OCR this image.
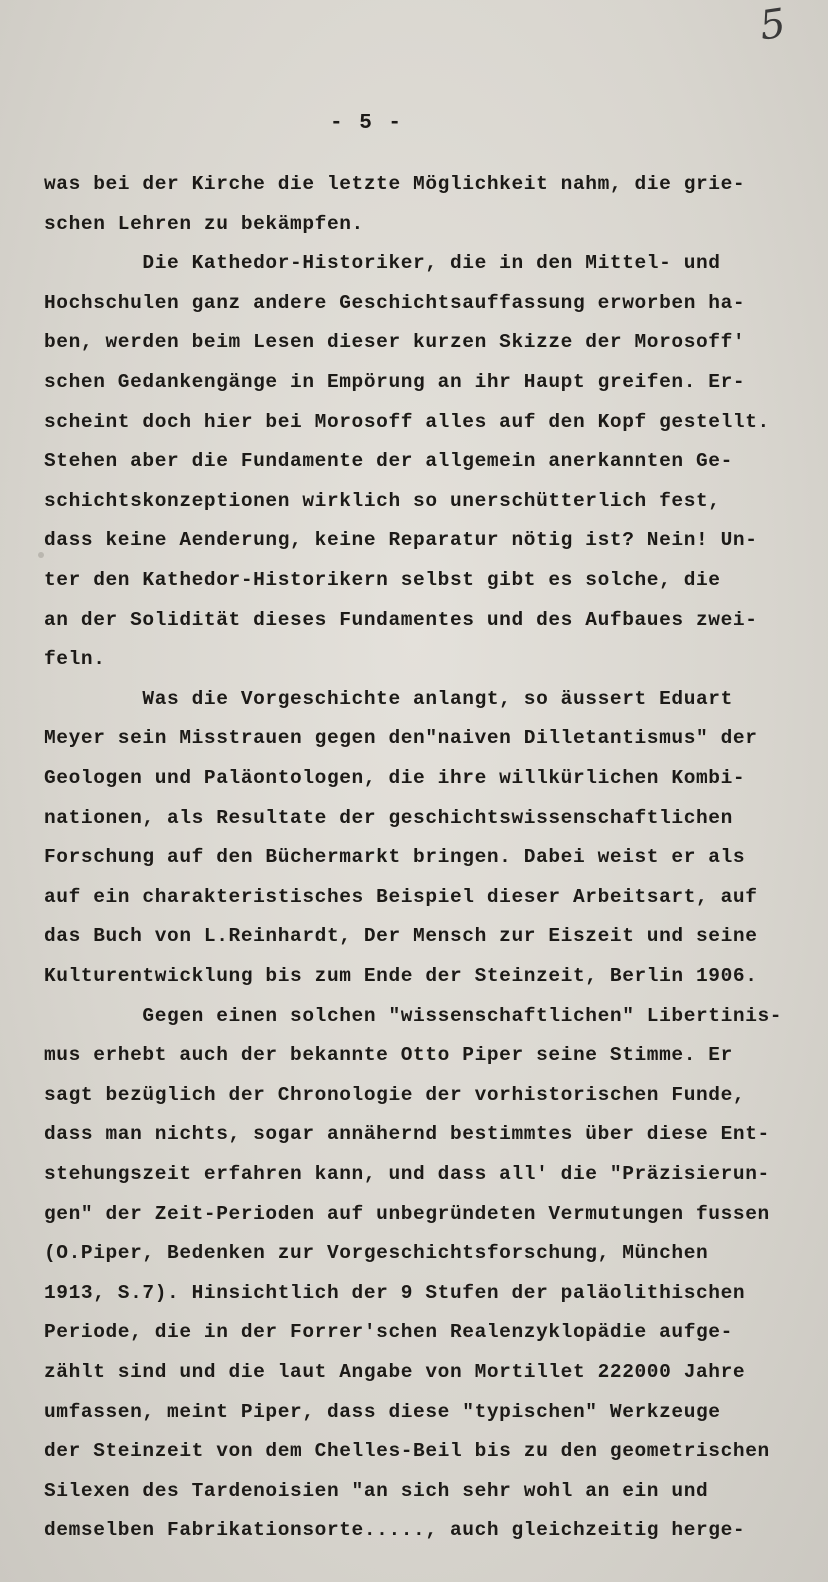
5
- 5 -
was bei der Kirche die letzte Möglichkeit nahm, die grie-
schen Lehren zu bekämpfen.
Die Kathedor-Historiker, die in den Mittel- und
Hochschulen ganz andere Geschichtsauffassung erworben ha-
ben, werden beim Lesen dieser kurzen Skizze der Morosoff'
schen Gedankengänge in Empörung an ihr Haupt greifen. Er-
scheint doch hier bei Morosoff alles auf den Kopf gestellt.
Stehen aber die Fundamente der allgemein anerkannten Ge-
schichtskonzeptionen wirklich so unerschütterlich fest,
dass keine Aenderung, keine Reparatur nötig ist? Nein! Un-
ter den Kathedor-Historikern selbst gibt es solche, die
an der Solidität dieses Fundamentes und des Aufbaues zwei-
feln.
Was die Vorgeschichte anlangt, so äussert Eduart
Meyer sein Misstrauen gegen den"naiven Dilletantismus" der
Geologen und Paläontologen, die ihre willkürlichen Kombi-
nationen, als Resultate der geschichtswissenschaftlichen
Forschung auf den Büchermarkt bringen. Dabei weist er als
auf ein charakteristisches Beispiel dieser Arbeitsart, auf
das Buch von L.Reinhardt, Der Mensch zur Eiszeit und seine
Kulturentwicklung bis zum Ende der Steinzeit, Berlin 1906.
Gegen einen solchen "wissenschaftlichen" Libertinis-
mus erhebt auch der bekannte Otto Piper seine Stimme. Er
sagt bezüglich der Chronologie der vorhistorischen Funde,
dass man nichts, sogar annähernd bestimmtes über diese Ent-
stehungszeit erfahren kann, und dass all' die "Präzisierun-
gen" der Zeit-Perioden auf unbegründeten Vermutungen fussen
(O.Piper, Bedenken zur Vorgeschichtsforschung, München
1913, S.7). Hinsichtlich der 9 Stufen der paläolithischen
Periode, die in der Forrer'schen Realenzyklopädie aufge-
zählt sind und die laut Angabe von Mortillet 222000 Jahre
umfassen, meint Piper, dass diese "typischen" Werkzeuge
der Steinzeit von dem Chelles-Beil bis zu den geometrischen
Silexen des Tardenoisien "an sich sehr wohl an ein und
demselben Fabrikationsorte....., auch gleichzeitig herge-
